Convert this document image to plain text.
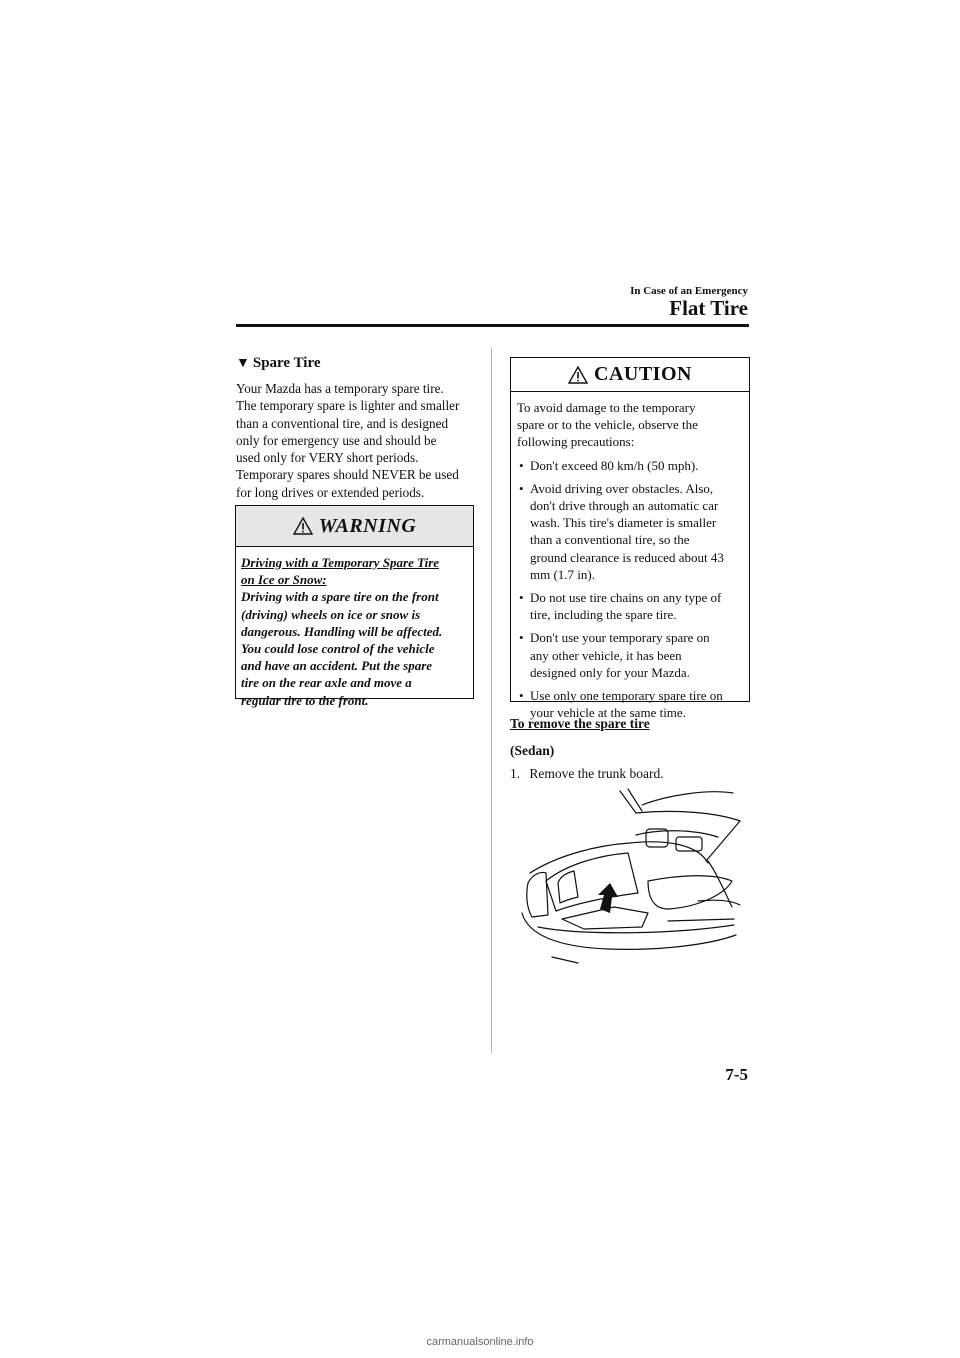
In Case of an Emergency
Flat Tire
▼ Spare Tire
Your Mazda has a temporary spare tire.
The temporary spare is lighter and smaller
than a conventional tire, and is designed
only for emergency use and should be
used only for VERY short periods.
Temporary spares should NEVER be used
for long drives or extended periods.
WARNING
Driving with a Temporary Spare Tire
on Ice or Snow:
Driving with a spare tire on the front
(driving) wheels on ice or snow is
dangerous. Handling will be affected.
You could lose control of the vehicle
and have an accident. Put the spare
tire on the rear axle and move a
regular tire to the front.
CAUTION
To avoid damage to the temporary
spare or to the vehicle, observe the
following precautions:
• Don't exceed 80 km/h (50 mph).
• Avoid driving over obstacles. Also,
don't drive through an automatic car
wash. This tire's diameter is smaller
than a conventional tire, so the
ground clearance is reduced about 43
mm (1.7 in).
• Do not use tire chains on any type of
tire, including the spare tire.
• Don't use your temporary spare on
any other vehicle, it has been
designed only for your Mazda.
• Use only one temporary spare tire on
your vehicle at the same time.
To remove the spare tire
(Sedan)
1. Remove the trunk board.
7-5
carmanualsonline.info
